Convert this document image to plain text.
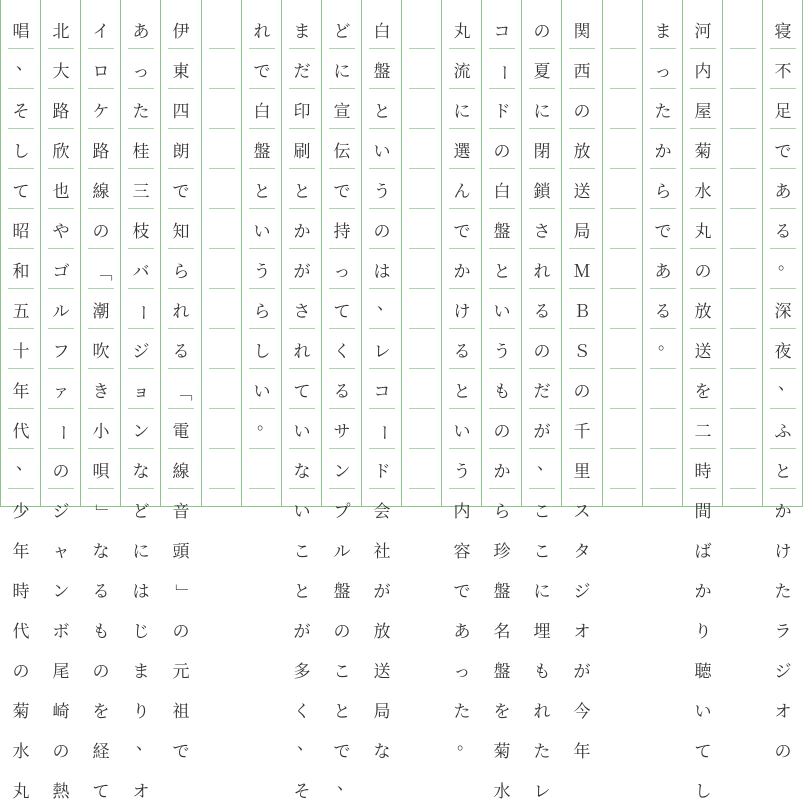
寝
不
足
で
あ
る
。
深
夜
、
ふ
と
か
け
た
ラ
ジ
オ
の
河
内
屋
菊
水
丸
の
放
送
を
二
時
間
ば
か
り
聴
い
て
し
ま
っ
た
か
ら
で
あ
る
。
関
西
の
放
送
局
Ｍ
Ｂ
Ｓ
の
千
里
ス
タ
ジ
オ
が
今
年
の
夏
に
閉
鎖
さ
れ
る
の
だ
が
、
こ
こ
に
埋
も
れ
た
レ
コ
ー
ド
の
白
盤
と
い
う
も
の
か
ら
珍
盤
名
盤
を
菊
水
丸
流
に
選
ん
で
か
け
る
と
い
う
内
容
で
あ
っ
た
。
白
盤
と
い
う
の
は
、
レ
コ
ー
ド
会
社
が
放
送
局
な
ど
に
宣
伝
で
持
っ
て
く
る
サ
ン
プ
ル
盤
の
こ
と
で
、
ま
だ
印
刷
と
か
が
さ
れ
て
い
な
い
こ
と
が
多
く
、
そ
れ
で
白
盤
と
い
う
ら
し
い
。
伊
東
四
朗
で
知
ら
れ
る
「
電
線
音
頭
」
の
元
祖
で
あ
っ
た
桂
三
枝
バ
ー
ジ
ョ
ン
な
ど
に
は
じ
ま
り
、
オ
イ
ロ
ケ
路
線
の
「
潮
吹
き
小
唄
」
な
る
も
の
を
経
て
北
大
路
欣
也
や
ゴ
ル
フ
ァ
ー
の
ジ
ャ
ン
ボ
尾
崎
の
熱
唱
、
そ
し
て
昭
和
五
十
年
代
、
少
年
時
代
の
菊
水
丸
